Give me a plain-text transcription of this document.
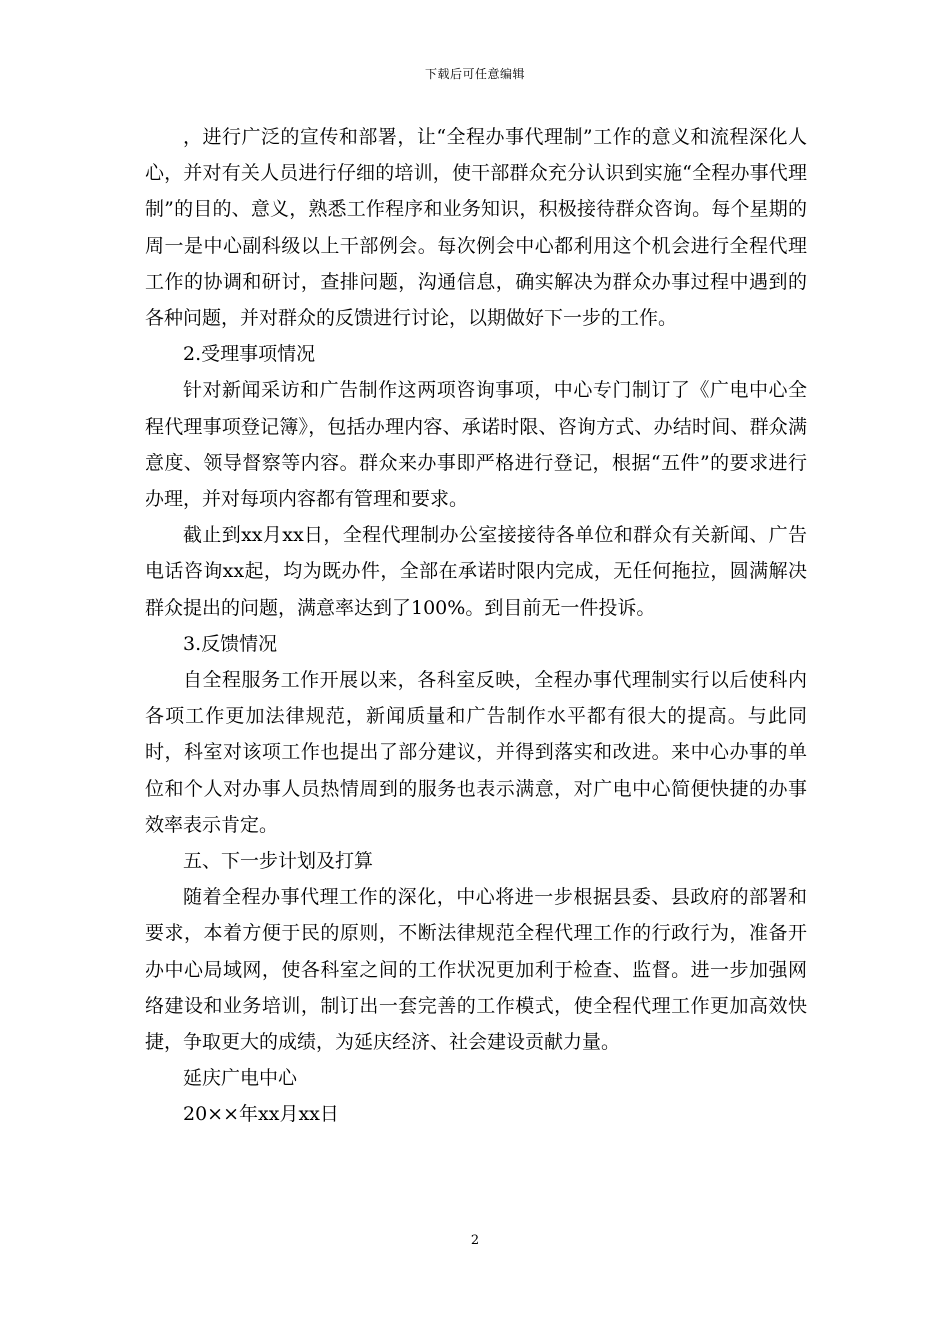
下载后可任意编辑

，进行广泛的宣传和部署，让“全程办事代理制”工作的意义和流程深化人心，并对有关人员进行仔细的培训，使干部群众充分认识到实施“全程办事代理制”的目的、意义，熟悉工作程序和业务知识，积极接待群众咨询。每个星期的周一是中心副科级以上干部例会。每次例会中心都利用这个机会进行全程代理工作的协调和研讨，查排问题，沟通信息，确实解决为群众办事过程中遇到的各种问题，并对群众的反馈进行讨论，以期做好下一步的工作。

2.受理事项情况

针对新闻采访和广告制作这两项咨询事项，中心专门制订了《广电中心全程代理事项登记簿》，包括办理内容、承诺时限、咨询方式、办结时间、群众满意度、领导督察等内容。群众来办事即严格进行登记，根据“五件”的要求进行办理，并对每项内容都有管理和要求。

截止到xx月xx日，全程代理制办公室接接待各单位和群众有关新闻、广告电话咨询xx起，均为既办件，全部在承诺时限内完成，无任何拖拉，圆满解决群众提出的问题，满意率达到了100%。到目前无一件投诉。

3.反馈情况

自全程服务工作开展以来，各科室反映，全程办事代理制实行以后使科内各项工作更加法律规范，新闻质量和广告制作水平都有很大的提高。与此同时，科室对该项工作也提出了部分建议，并得到落实和改进。来中心办事的单位和个人对办事人员热情周到的服务也表示满意，对广电中心简便快捷的办事效率表示肯定。

五、下一步计划及打算

随着全程办事代理工作的深化，中心将进一步根据县委、县政府的部署和要求，本着方便于民的原则，不断法律规范全程代理工作的行政行为，准备开办中心局域网，使各科室之间的工作状况更加利于检查、监督。进一步加强网络建设和业务培训，制订出一套完善的工作模式，使全程代理工作更加高效快捷，争取更大的成绩，为延庆经济、社会建设贡献力量。

延庆广电中心

20××年xx月xx日

2
